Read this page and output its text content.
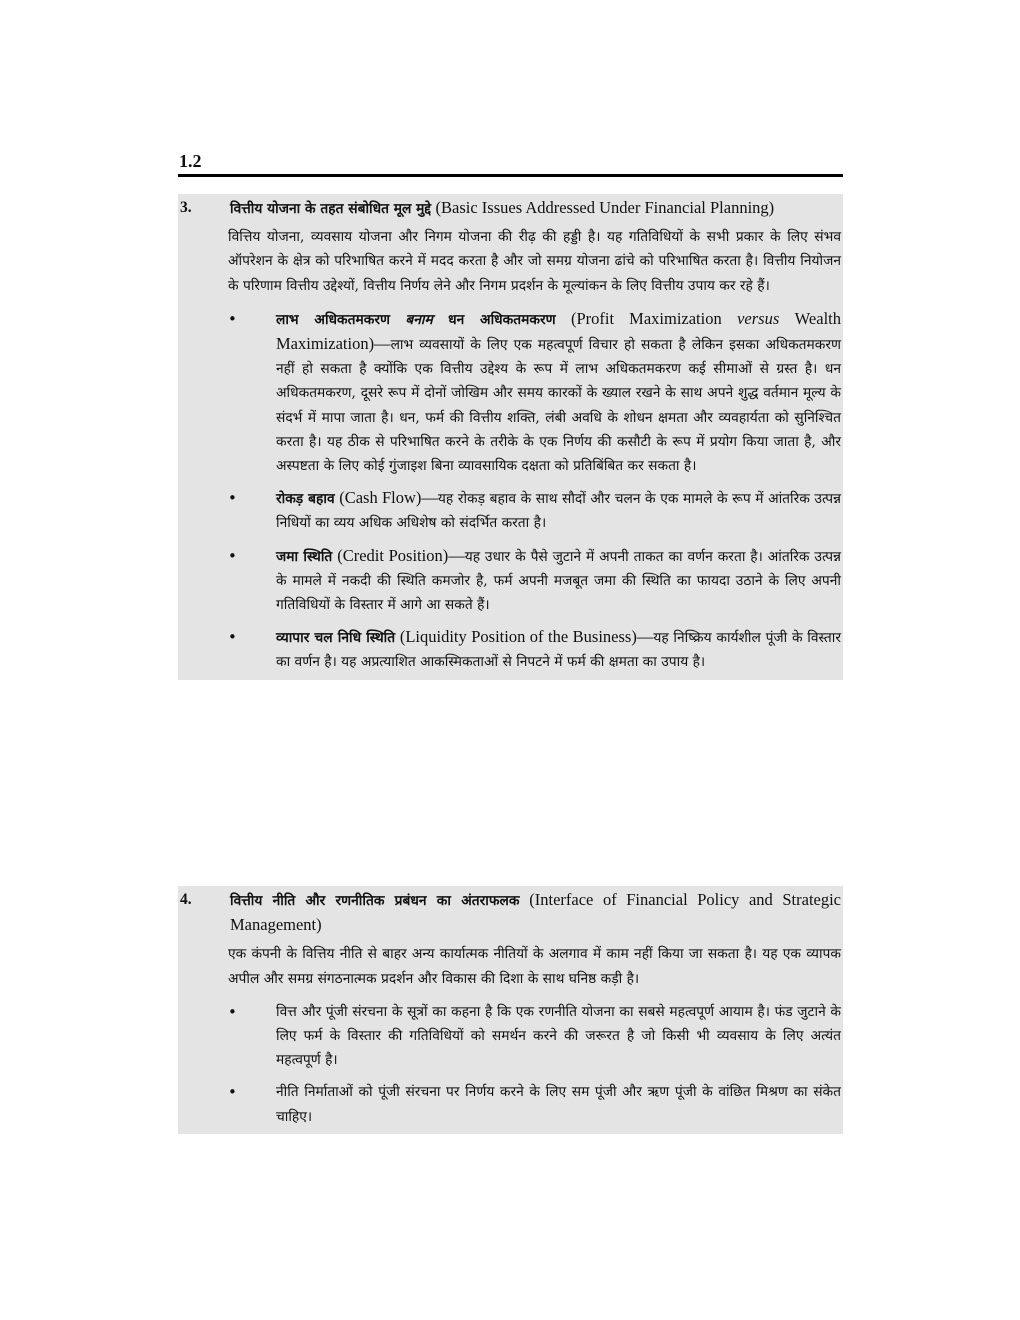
1.2
3.	वित्तीय योजना के तहत संबोधित मूल मुद्दे (Basic Issues Addressed Under Financial Planning)
वित्तिय योजना, व्यवसाय योजना और निगम योजना की रीढ़ की हड्डी है। यह गतिविधियों के सभी प्रकार के लिए संभव ऑपरेशन के क्षेत्र को परिभाषित करने में मदद करता है और जो समग्र योजना ढांचे को परिभाषित करता है। वित्तीय नियोजन के परिणाम वित्तीय उद्देश्यों, वित्तीय निर्णय लेने और निगम प्रदर्शन के मूल्यांकन के लिए वित्तीय उपाय कर रहे हैं।
•	लाभ अधिकतमकरण बनाम धन अधिकतमकरण (Profit Maximization versus Wealth Maximization)—लाभ व्यवसायों के लिए एक महत्वपूर्ण विचार हो सकता है लेकिन इसका अधिकतमकरण नहीं हो सकता है क्योंकि एक वित्तीय उद्देश्य के रूप में लाभ अधिकतमकरण कई सीमाओं से ग्रस्त है। धन अधिकतमकरण, दूसरे रूप में दोनों जोखिम और समय कारकों के ख्याल रखने के साथ अपने शुद्ध वर्तमान मूल्य के संदर्भ में मापा जाता है। धन, फर्म की वित्तीय शक्ति, लंबी अवधि के शोधन क्षमता और व्यवहार्यता को सुनिश्चित करता है। यह ठीक से परिभाषित करने के तरीके के एक निर्णय की कसौटी के रूप में प्रयोग किया जाता है, और अस्पष्टता के लिए कोई गुंजाइश बिना व्यावसायिक दक्षता को प्रतिबिंबित कर सकता है।
•	रोकड़ बहाव (Cash Flow)—यह रोकड़ बहाव के साथ सौदों और चलन के एक मामले के रूप में आंतरिक उत्पन्न निधियों का व्यय अधिक अधिशेष को संदर्भित करता है।
•	जमा स्थिति (Credit Position)—यह उधार के पैसे जुटाने में अपनी ताकत का वर्णन करता है। आंतरिक उत्पन्न के मामले में नकदी की स्थिति कमजोर है, फर्म अपनी मजबूत जमा की स्थिति का फायदा उठाने के लिए अपनी गतिविधियों के विस्तार में आगे आ सकते हैं।
•	व्यापार चल निधि स्थिति (Liquidity Position of the Business)—यह निष्क्रिय कार्यशील पूंजी के विस्तार का वर्णन है। यह अप्रत्याशित आकस्मिकताओं से निपटने में फर्म की क्षमता का उपाय है।
4.	वित्तीय नीति और रणनीतिक प्रबंधन का अंतराफलक (Interface of Financial Policy and Strategic Management)
एक कंपनी के वित्तिय नीति से बाहर अन्य कार्यात्मक नीतियों के अलगाव में काम नहीं किया जा सकता है। यह एक व्यापक अपील और समग्र संगठनात्मक प्रदर्शन और विकास की दिशा के साथ घनिष्ठ कड़ी है।
•	वित्त और पूंजी संरचना के सूत्रों का कहना है कि एक रणनीति योजना का सबसे महत्वपूर्ण आयाम है। फंड जुटाने के लिए फर्म के विस्तार की गतिविधियों को समर्थन करने की जरूरत है जो किसी भी व्यवसाय के लिए अत्यंत महत्वपूर्ण है।
•	नीति निर्माताओं को पूंजी संरचना पर निर्णय करने के लिए सम पूंजी और ऋण पूंजी के वांछित मिश्रण का संकेत चाहिए।
